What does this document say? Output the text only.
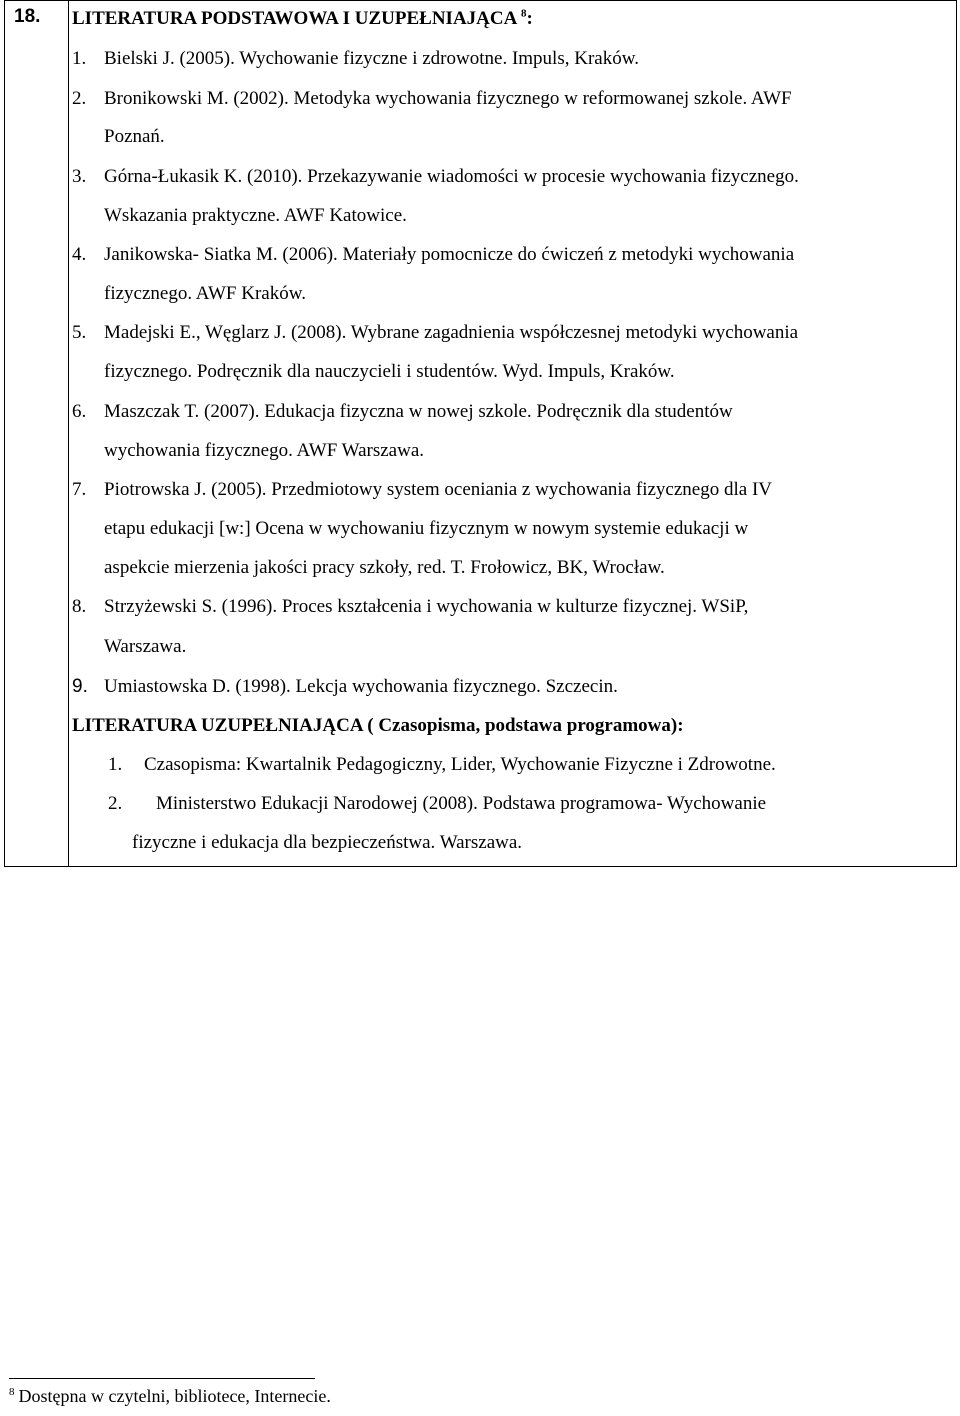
18. LITERATURA PODSTAWOWA I UZUPEŁNIAJĄCA $^8$:
1. Bielski J. (2005). Wychowanie fizyczne i zdrowotne. Impuls, Kraków.
2. Bronikowski M. (2002). Metodyka wychowania fizycznego w reformowanej szkole. AWF
Poznań.
3. Górna-Łukasik K. (2010). Przekazywanie wiadomości w procesie wychowania fizycznego.
Wskazania praktyczne. AWF Katowice.
4. Janikowska- Siatka M. (2006). Materiały pomocnicze do ćwiczeń z metodyki wychowania
fizycznego. AWF Kraków.
5. Madejski E., Węglarz J. (2008). Wybrane zagadnienia współczesnej metodyki wychowania
fizycznego. Podręcznik dla nauczycieli i studentów. Wyd. Impuls, Kraków.
6. Maszczak T. (2007). Edukacja fizyczna w nowej szkole. Podręcznik dla studentów
wychowania fizycznego. AWF Warszawa.
7. Piotrowska J. (2005). Przedmiotowy system oceniania z wychowania fizycznego dla IV
etapu edukacji [w:] Ocena w wychowaniu fizycznym w nowym systemie edukacji w
aspekcie mierzenia jakości pracy szkoły, red. T. Frołowicz, BK, Wrocław.
8. Strzyżewski S. (1996). Proces kształcenia i wychowania w kulturze fizycznej. WSiP,
Warszawa.
9. Umiastowska D. (1998). Lekcja wychowania fizycznego. Szczecin.
LITERATURA UZUPEŁNIAJĄCA ( Czasopisma, podstawa programowa):
1. Czasopisma: Kwartalnik Pedagogiczny, Lider, Wychowanie Fizyczne i Zdrowotne.
2. Ministerstwo Edukacji Narodowej (2008). Podstawa programowa- Wychowanie
fizyczne i edukacja dla bezpieczeństwa. Warszawa.
$^8$ Dostępna w czytelni, bibliotece, Internecie.
